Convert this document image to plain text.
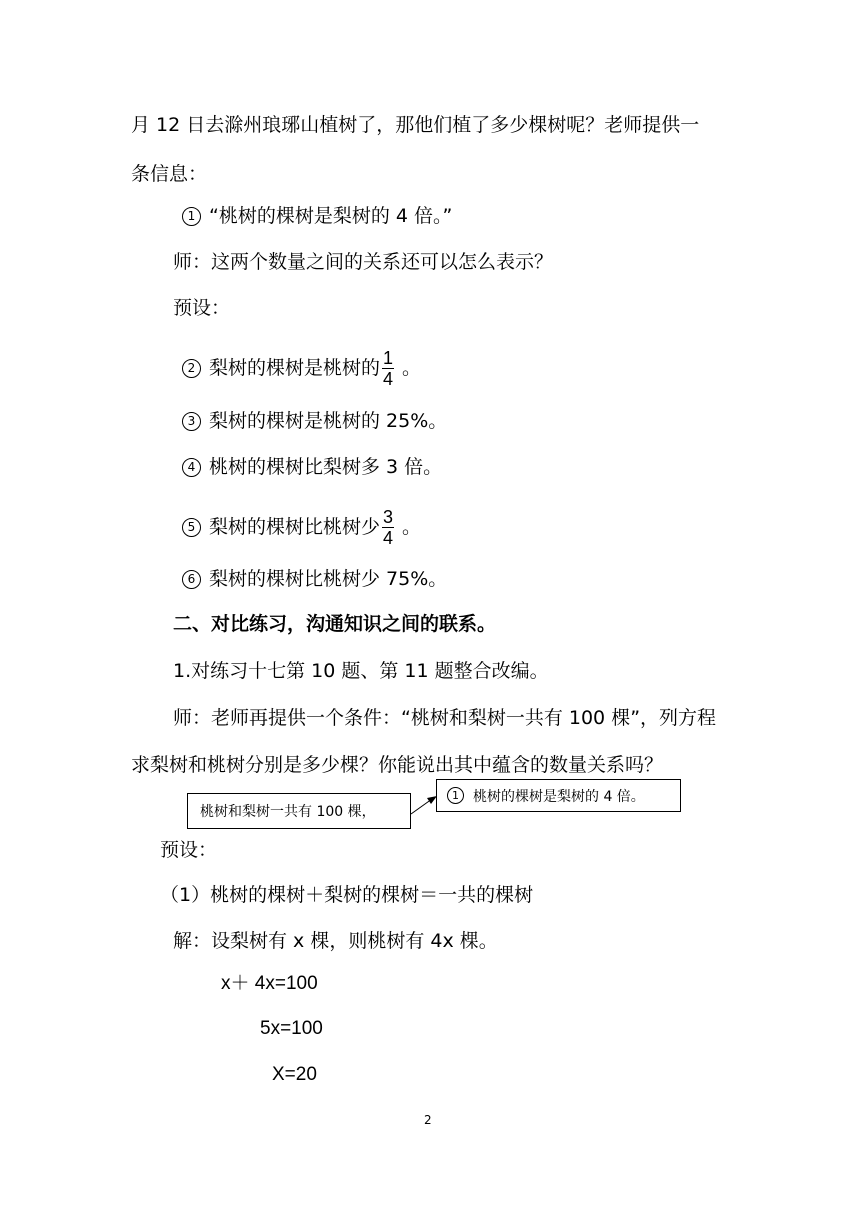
月 12 日去滁州琅琊山植树了，那他们植了多少棵树呢？老师提供一
条信息：
1 “桃树的棵树是梨树的 4 倍。”
师：这两个数量之间的关系还可以怎么表示？
预设：
2 梨树的棵树是桃树的 $\frac{1}{4}$ 。
3 梨树的棵树是桃树的 25%。
4 桃树的棵树比梨树多 3 倍。
5 梨树的棵树比桃树少 $\frac{3}{4}$ 。
6 梨树的棵树比桃树少 75%。
二、对比练习，沟通知识之间的联系。
1.对练习十七第 10 题、第 11 题整合改编。
师：老师再提供一个条件：“桃树和梨树一共有 100 棵”，列方程
求梨树和桃树分别是多少棵？你能说出其中蕴含的数量关系吗？
桃树和梨树一共有 100 棵，
1	桃树的棵树是梨树的 4 倍。
预设：
（1）桃树的棵树＋梨树的棵树＝一共的棵树
解：设梨树有 x 棵，则桃树有 4x 棵。
x＋ 4x=100
5x=100
X=20
2
